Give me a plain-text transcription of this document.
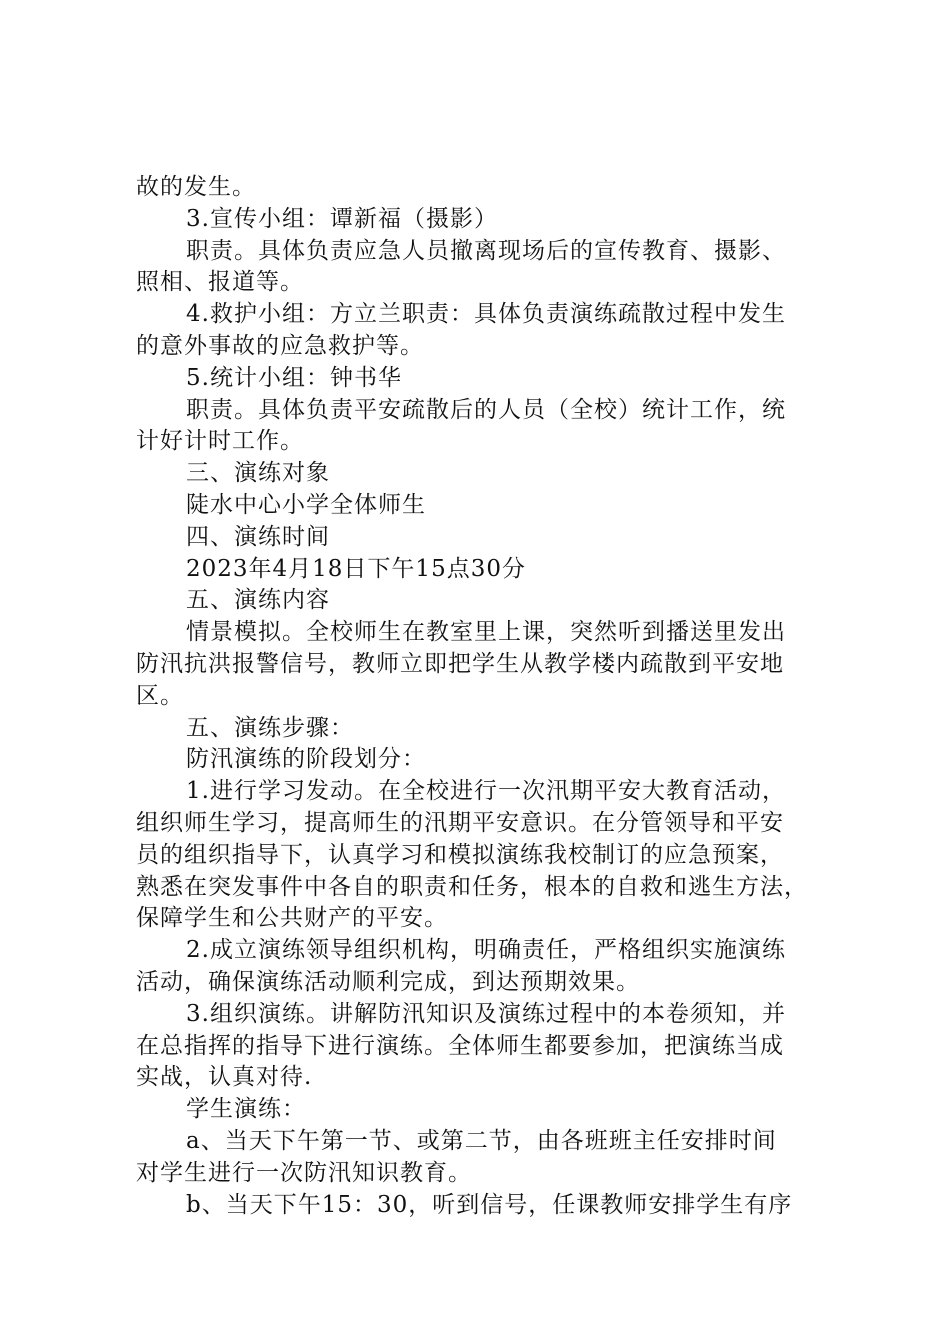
故的发生。

3.宣传小组：谭新福（摄影）

职责。具体负责应急人员撤离现场后的宣传教育、摄影、

照相、报道等。

4.救护小组：方立兰职责：具体负责演练疏散过程中发生

的意外事故的应急救护等。

5.统计小组：钟书华

职责。具体负责平安疏散后的人员（全校）统计工作，统

计好计时工作。

三、演练对象

陡水中心小学全体师生

四、演练时间

2023年4月18日下午15点30分

五、演练内容

情景模拟。全校师生在教室里上课，突然听到播送里发出

防汛抗洪报警信号，教师立即把学生从教学楼内疏散到平安地

区。

五、演练步骤：

防汛演练的阶段划分：

1.进行学习发动。在全校进行一次汛期平安大教育活动，

组织师生学习，提高师生的汛期平安意识。在分管领导和平安

员的组织指导下，认真学习和模拟演练我校制订的应急预案，

熟悉在突发事件中各自的职责和任务，根本的自救和逃生方法，

保障学生和公共财产的平安。

2.成立演练领导组织机构，明确责任，严格组织实施演练

活动，确保演练活动顺利完成，到达预期效果。

3.组织演练。讲解防汛知识及演练过程中的本卷须知，并

在总指挥的指导下进行演练。全体师生都要参加，把演练当成

实战，认真对待.

学生演练：

a、当天下午第一节、或第二节，由各班班主任安排时间

对学生进行一次防汛知识教育。

b、当天下午15：30，听到信号，任课教师安排学生有序
